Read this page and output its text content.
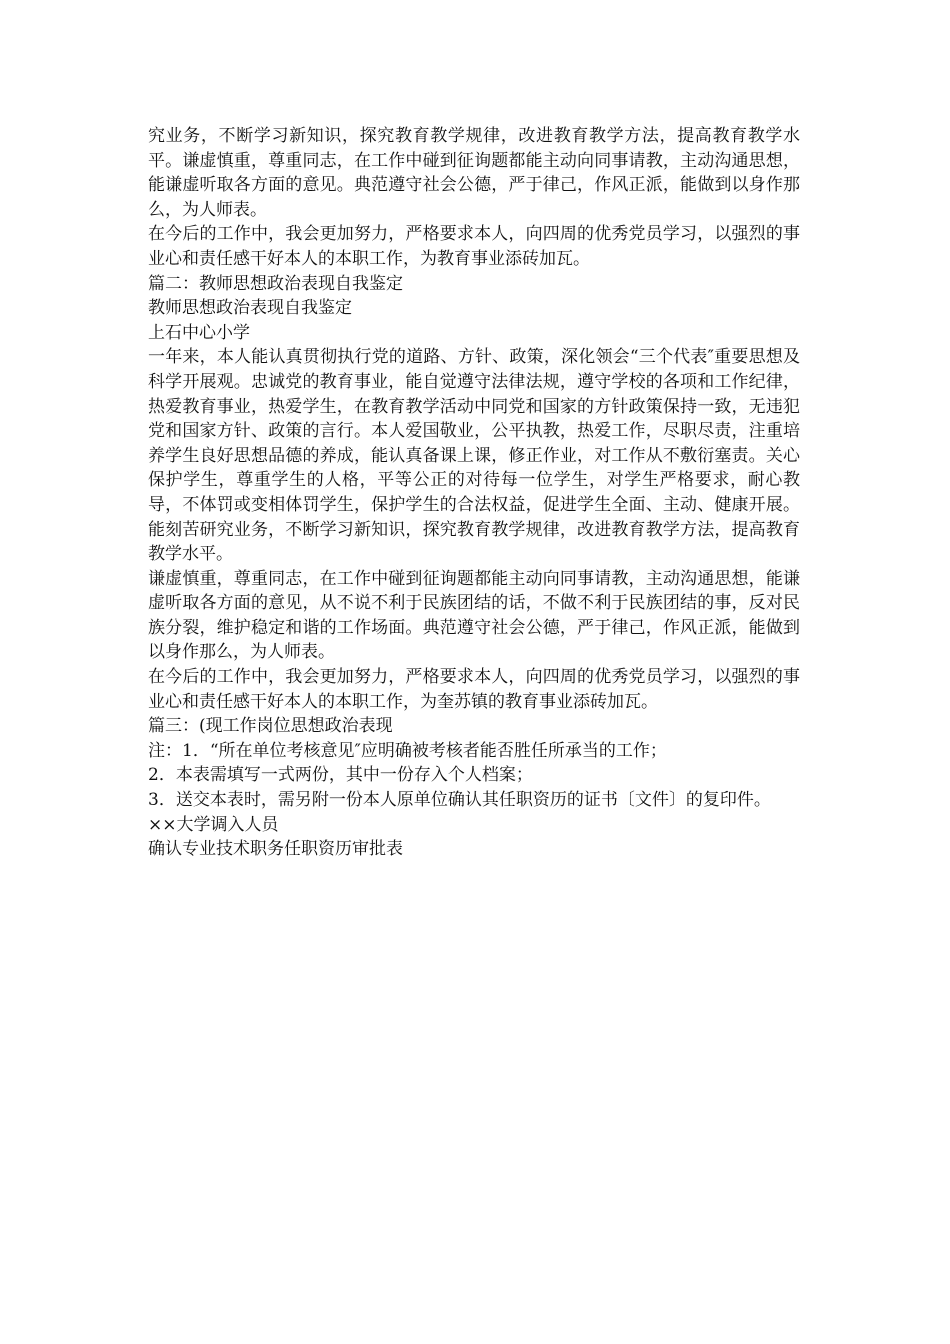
究业务，不断学习新知识，探究教育教学规律，改进教育教学方法，提高教育教学水平。谦虚慎重，尊重同志，在工作中碰到征询题都能主动向同事请教，主动沟通思想，能谦虚听取各方面的意见。典范遵守社会公德，严于律己，作风正派，能做到以身作那么，为人师表。

在今后的工作中，我会更加努力，严格要求本人，向四周的优秀党员学习，以强烈的事业心和责任感干好本人的本职工作，为教育事业添砖加瓦。

篇二：教师思想政治表现自我鉴定

教师思想政治表现自我鉴定

上石中心小学

一年来，本人能认真贯彻执行党的道路、方针、政策，深化领会“三个代表″重要思想及科学开展观。忠诚党的教育事业，能自觉遵守法律法规，遵守学校的各项和工作纪律，热爱教育事业，热爱学生，在教育教学活动中同党和国家的方针政策保持一致，无违犯党和国家方针、政策的言行。本人爱国敬业，公平执教，热爱工作，尽职尽责，注重培养学生良好思想品德的养成，能认真备课上课，修正作业，对工作从不敷衍塞责。关心保护学生，尊重学生的人格，平等公正的对待每一位学生，对学生严格要求，耐心教导，不体罚或变相体罚学生，保护学生的合法权益，促进学生全面、主动、健康开展。能刻苦研究业务，不断学习新知识，探究教育教学规律，改进教育教学方法，提高教育教学水平。

谦虚慎重，尊重同志，在工作中碰到征询题都能主动向同事请教，主动沟通思想，能谦虚听取各方面的意见，从不说不利于民族团结的话，不做不利于民族团结的事，反对民族分裂，维护稳定和谐的工作场面。典范遵守社会公德，严于律己，作风正派，能做到以身作那么，为人师表。

在今后的工作中，我会更加努力，严格要求本人，向四周的优秀党员学习，以强烈的事业心和责任感干好本人的本职工作，为奎苏镇的教育事业添砖加瓦。

篇三：(现工作岗位思想政治表现

注：1．“所在单位考核意见″应明确被考核者能否胜任所承当的工作；

2．本表需填写一式两份，其中一份存入个人档案；

3．送交本表时，需另附一份本人原单位确认其任职资历的证书〔文件〕的复印件。

××大学调入人员

确认专业技术职务任职资历审批表
